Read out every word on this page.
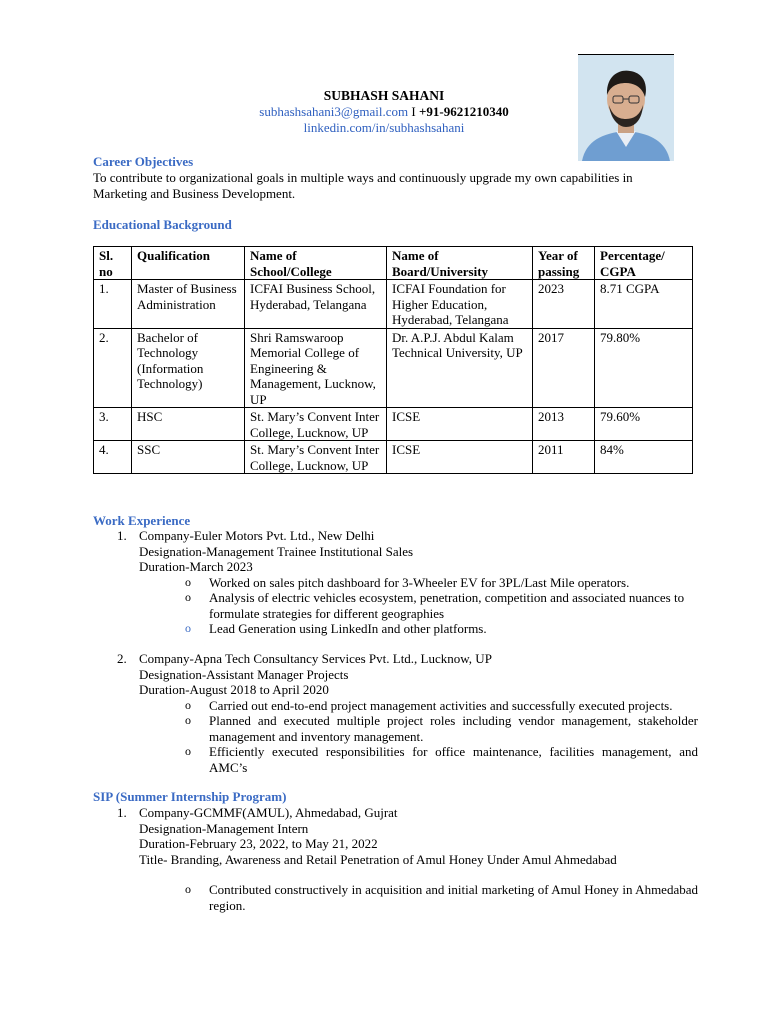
SUBHASH SAHANI
subhashsahani3@gmail.com I +91-9621210340
linkedin.com/in/subhashsahani
Career Objectives
To contribute to organizational goals in multiple ways and continuously upgrade my own capabilities in Marketing and Business Development.
Educational Background
Sl. no	Qualification	Name of School/College	Name of Board/University	Year of passing	Percentage/ CGPA
1.	Master of Business Administration	ICFAI Business School, Hyderabad, Telangana	ICFAI Foundation for Higher Education, Hyderabad, Telangana	2023	8.71 CGPA
2.	Bachelor of Technology (Information Technology)	Shri Ramswaroop Memorial College of Engineering & Management, Lucknow, UP	Dr. A.P.J. Abdul Kalam Technical University, UP	2017	79.80%
3.	HSC	St. Mary’s Convent Inter College, Lucknow, UP	ICSE	2013	79.60%
4.	SSC	St. Mary’s Convent Inter College, Lucknow, UP	ICSE	2011	84%
Work Experience
1. Company-Euler Motors Pvt. Ltd., New Delhi
Designation-Management Trainee Institutional Sales
Duration-March 2023
o	Worked on sales pitch dashboard for 3-Wheeler EV for 3PL/Last Mile operators.
o	Analysis of electric vehicles ecosystem, penetration, competition and associated nuances to formulate strategies for different geographies
o	Lead Generation using LinkedIn and other platforms.
2. Company-Apna Tech Consultancy Services Pvt. Ltd., Lucknow, UP
Designation-Assistant Manager Projects
Duration-August 2018 to April 2020
o	Carried out end-to-end project management activities and successfully executed projects.
o	Planned and executed multiple project roles including vendor management, stakeholder management and inventory management.
o	Efficiently executed responsibilities for office maintenance, facilities management, and AMC’s
SIP (Summer Internship Program)
1. Company-GCMMF(AMUL), Ahmedabad, Gujrat
Designation-Management Intern
Duration-February 23, 2022, to May 21, 2022
Title- Branding, Awareness and Retail Penetration of Amul Honey Under Amul Ahmedabad
o	Contributed constructively in acquisition and initial marketing of Amul Honey in Ahmedabad region.
